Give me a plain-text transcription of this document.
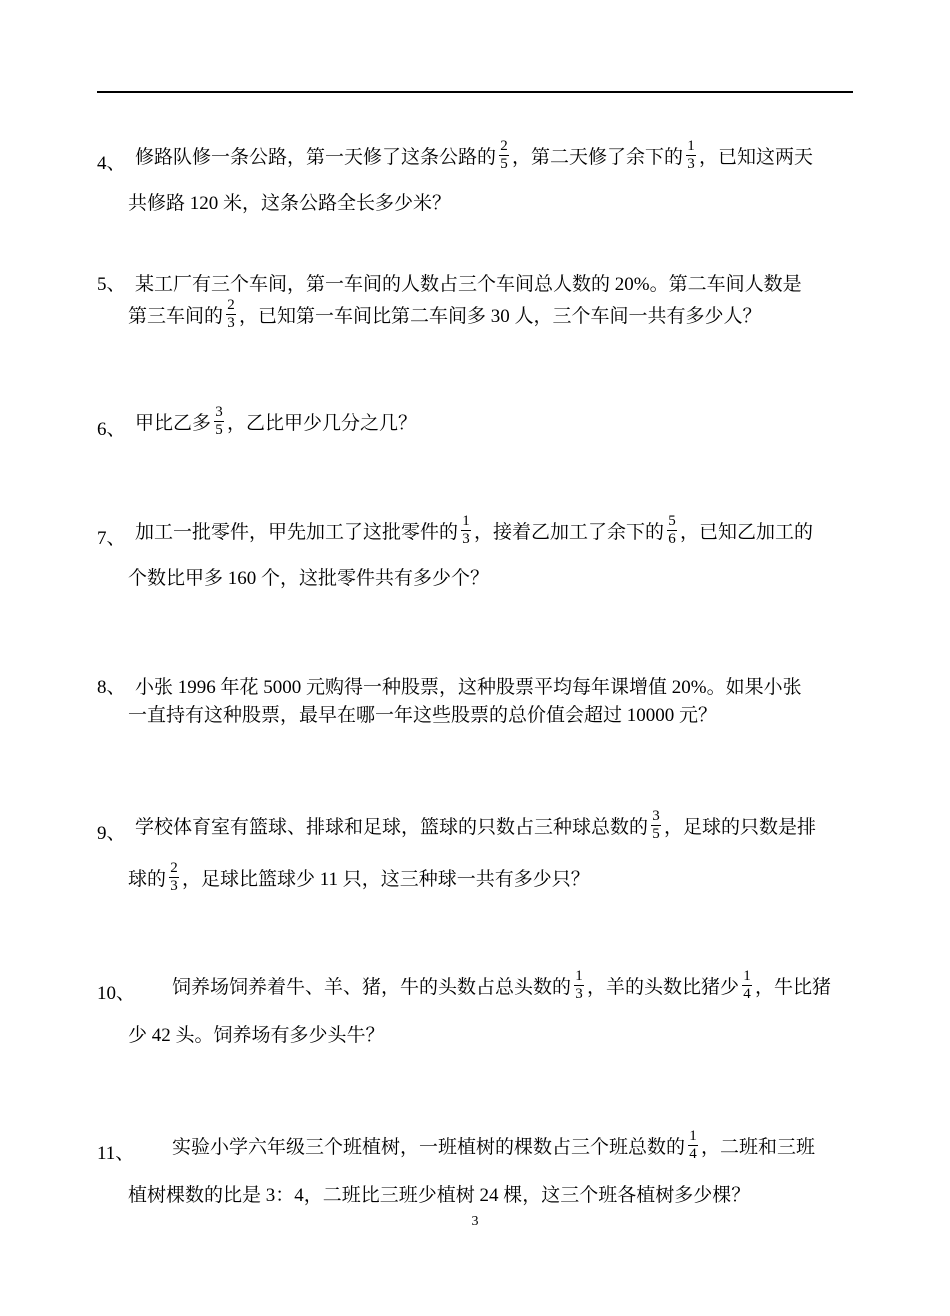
4、 修路队修一条公路，第一天修了这条公路的 $\frac{2}{5}$ ，第二天修了余下的 $\frac{1}{3}$ ，已知这两天
共修路 120 米，这条公路全长多少米？
5、 某工厂有三个车间，第一车间的人数占三个车间总人数的 20%。第二车间人数是
第三车间的 $\frac{2}{3}$ ，已知第一车间比第二车间多 30 人，三个车间一共有多少人？
6、 甲比乙多 $\frac{3}{5}$ ，乙比甲少几分之几？
7、 加工一批零件，甲先加工了这批零件的 $\frac{1}{3}$ ，接着乙加工了余下的 $\frac{5}{6}$ ，已知乙加工的
个数比甲多 160 个，这批零件共有多少个？
8、 小张 1996 年花 5000 元购得一种股票，这种股票平均每年课增值 20%。如果小张
一直持有这种股票，最早在哪一年这些股票的总价值会超过 10000 元？
9、 学校体育室有篮球、排球和足球，篮球的只数占三种球总数的 $\frac{3}{5}$ ，足球的只数是排
球的 $\frac{2}{3}$ ，足球比篮球少 11 只，这三种球一共有多少只？
10、 饲养场饲养着牛、羊、猪，牛的头数占总头数的 $\frac{1}{3}$ ，羊的头数比猪少 $\frac{1}{4}$ ，牛比猪
少 42 头。饲养场有多少头牛？
11、 实验小学六年级三个班植树，一班植树的棵数占三个班总数的 $\frac{1}{4}$ ，二班和三班
植树棵数的比是 3：4，二班比三班少植树 24 棵，这三个班各植树多少棵？
3
